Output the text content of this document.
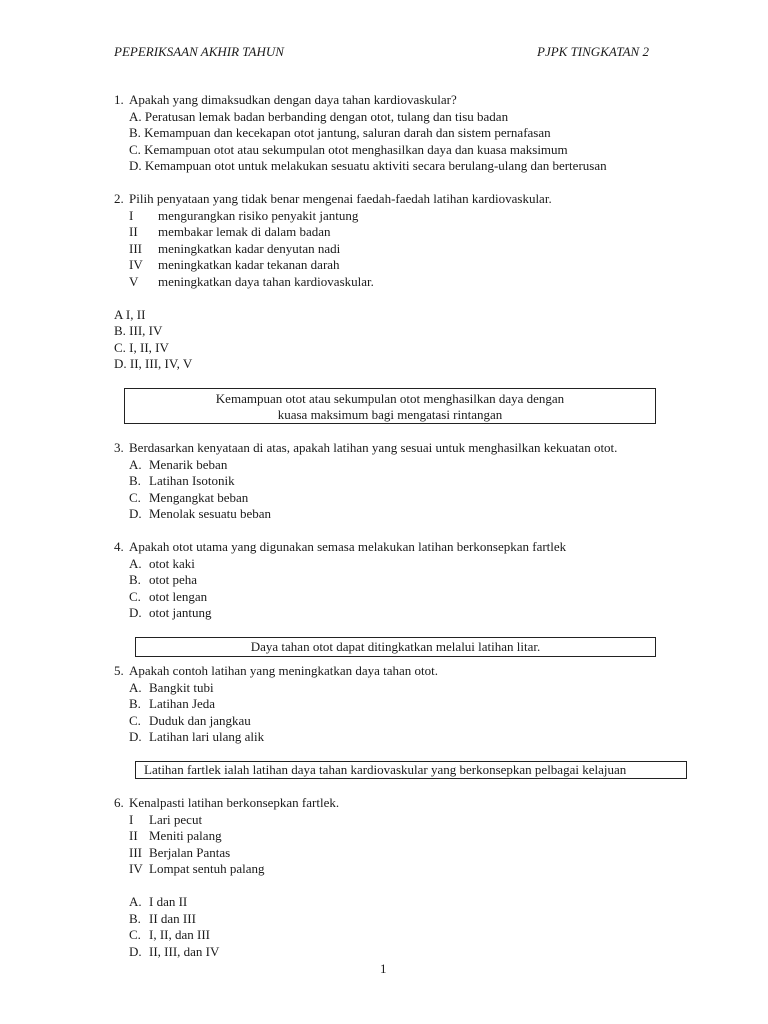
PEPERIKSAAN AKHIR TAHUN	PJPK TINGKATAN 2
1. Apakah yang dimaksudkan dengan daya tahan kardiovaskular?
A. Peratusan lemak badan berbanding dengan otot, tulang dan tisu badan
B. Kemampuan dan kecekapan otot jantung, saluran darah dan sistem pernafasan
C. Kemampuan otot atau sekumpulan otot menghasilkan daya dan kuasa maksimum
D. Kemampuan otot untuk melakukan sesuatu aktiviti secara berulang-ulang dan berterusan
2. Pilih penyataan yang tidak benar mengenai faedah-faedah latihan kardiovaskular.
I	mengurangkan risiko penyakit jantung
II	membakar lemak di dalam badan
III	meningkatkan kadar denyutan nadi
IV	meningkatkan kadar tekanan darah
V	meningkatkan daya tahan kardiovaskular.
A I, II
B. III, IV
C. I, II, IV
D. II, III, IV, V
Kemampuan otot atau sekumpulan otot menghasilkan daya dengan
kuasa maksimum bagi mengatasi rintangan
3. Berdasarkan kenyataan di atas, apakah latihan yang sesuai untuk menghasilkan kekuatan otot.
A. Menarik beban
B. Latihan Isotonik
C. Mengangkat beban
D. Menolak sesuatu beban
4. Apakah otot utama yang digunakan semasa melakukan latihan berkonsepkan fartlek
A. otot kaki
B. otot peha
C. otot lengan
D. otot jantung
Daya tahan otot dapat ditingkatkan melalui latihan litar.
5. Apakah contoh latihan yang meningkatkan daya tahan otot.
A. Bangkit tubi
B. Latihan Jeda
C. Duduk dan jangkau
D. Latihan lari ulang alik
Latihan fartlek ialah latihan daya tahan kardiovaskular yang berkonsepkan pelbagai kelajuan
6. Kenalpasti latihan berkonsepkan fartlek.
I	Lari pecut
II Meniti palang
III Berjalan Pantas
IV Lompat sentuh palang
A. I dan II
B. II dan III
C. I, II, dan III
D. II, III, dan IV
1
